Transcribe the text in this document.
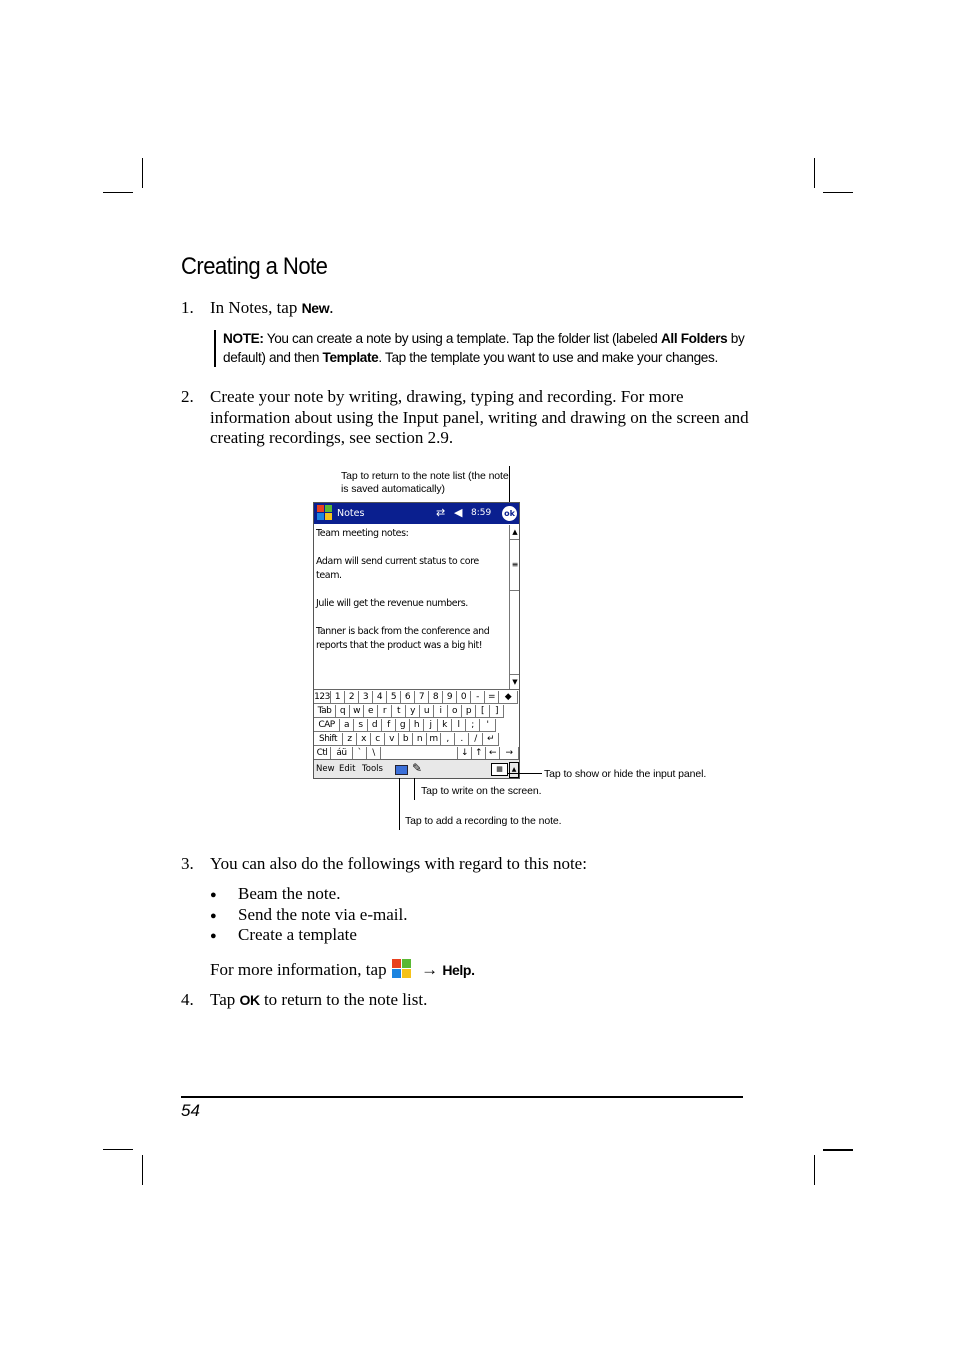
Creating a Note
1. In Notes, tap New.
NOTE: You can create a note by using a template. Tap the folder list (labeled All Folders by default) and then Template. Tap the template you want to use and make your changes.
2. Create your note by writing, drawing, typing and recording. For more information about using the Input panel, writing and drawing on the screen and creating recordings, see section 2.9.
Tap to return to the note list (the note is saved automatically)
Notes	⇄ ◀ 8:59 ok
Team meeting notes:

Adam will send current status to core team.

Julie will get the revenue numbers.

Tanner is back from the conference and reports that the product was a big hit!
▲
≡
▼
123 1 2 3 4 5 6 7 8 9 0	-	=	◆
Tab q w e	r	t	y u	i	o p	[	]
CAP	a	s	d	f	g h	j	k	l	;	'
Shift	z	x	c	v b n m ,	.	/	↵
Ctl áü	`	\	↓ ↑ ←	→
New Edit Tools ✎	▦	▲	Tap to show or hide the input panel.
Tap to write on the screen.
Tap to add a recording to the note.
3. You can also do the followings with regard to this note:
● Beam the note.
● Send the note via e-mail.
● Create a template
For more information, tap → Help.
4. Tap OK to return to the note list.
54
